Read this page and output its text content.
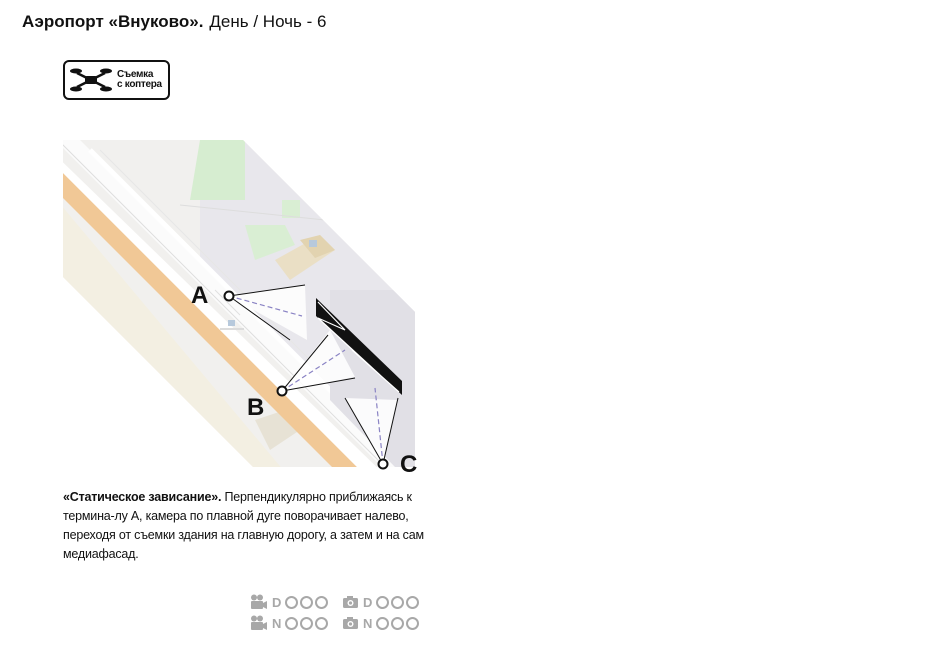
Аэропорт «Внуково». День / Ночь - 6
Съемка
с коптера
A
B
C
«Статическое зависание». Перпендикулярно приближаясь к термина-лу А, камера по плавной дуге поворачивает налево, переходя от съемки здания на главную дорогу, а затем и на сам медиафасад.
D	D
N	N
